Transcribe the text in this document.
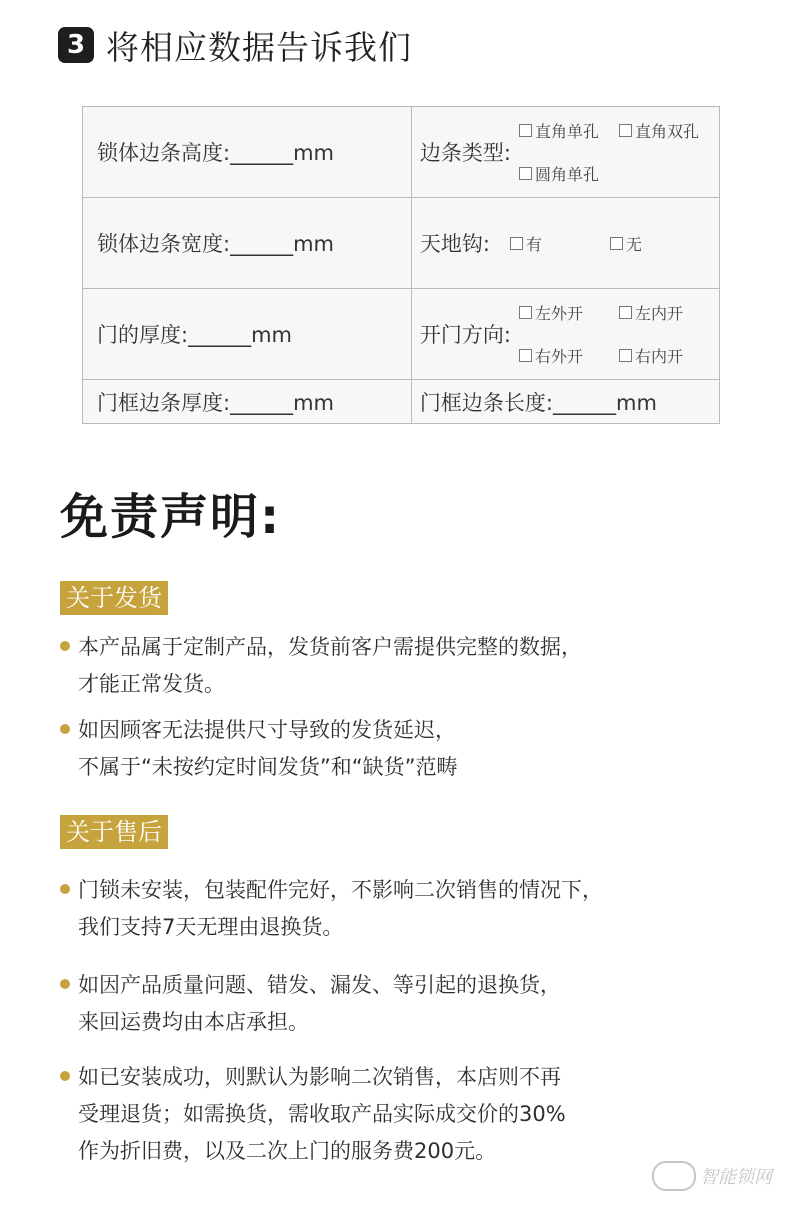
3 将相应数据告诉我们
锁体边条高度:______mm	边条类型:
直角单孔 直角双孔
圆角单孔

锁体边条宽度:______mm	天地钩: 有 无

门的厚度:______mm	开门方向:
左外开 左内开
右外开 右内开

门框边条厚度:______mm	门框边条长度:______mm
免责声明:
关于发货
本产品属于定制产品，发货前客户需提供完整的数据，
才能正常发货。
如因顾客无法提供尺寸导致的发货延迟，
不属于“未按约定时间发货”和“缺货”范畴
关于售后
门锁未安装，包装配件完好，不影响二次销售的情况下，
我们支持7天无理由退换货。
如因产品质量问题、错发、漏发、等引起的退换货，
来回运费均由本店承担。
如已安装成功，则默认为影响二次销售，本店则不再
受理退货；如需换货，需收取产品实际成交价的30%
作为折旧费，以及二次上门的服务费200元。
智能锁网
